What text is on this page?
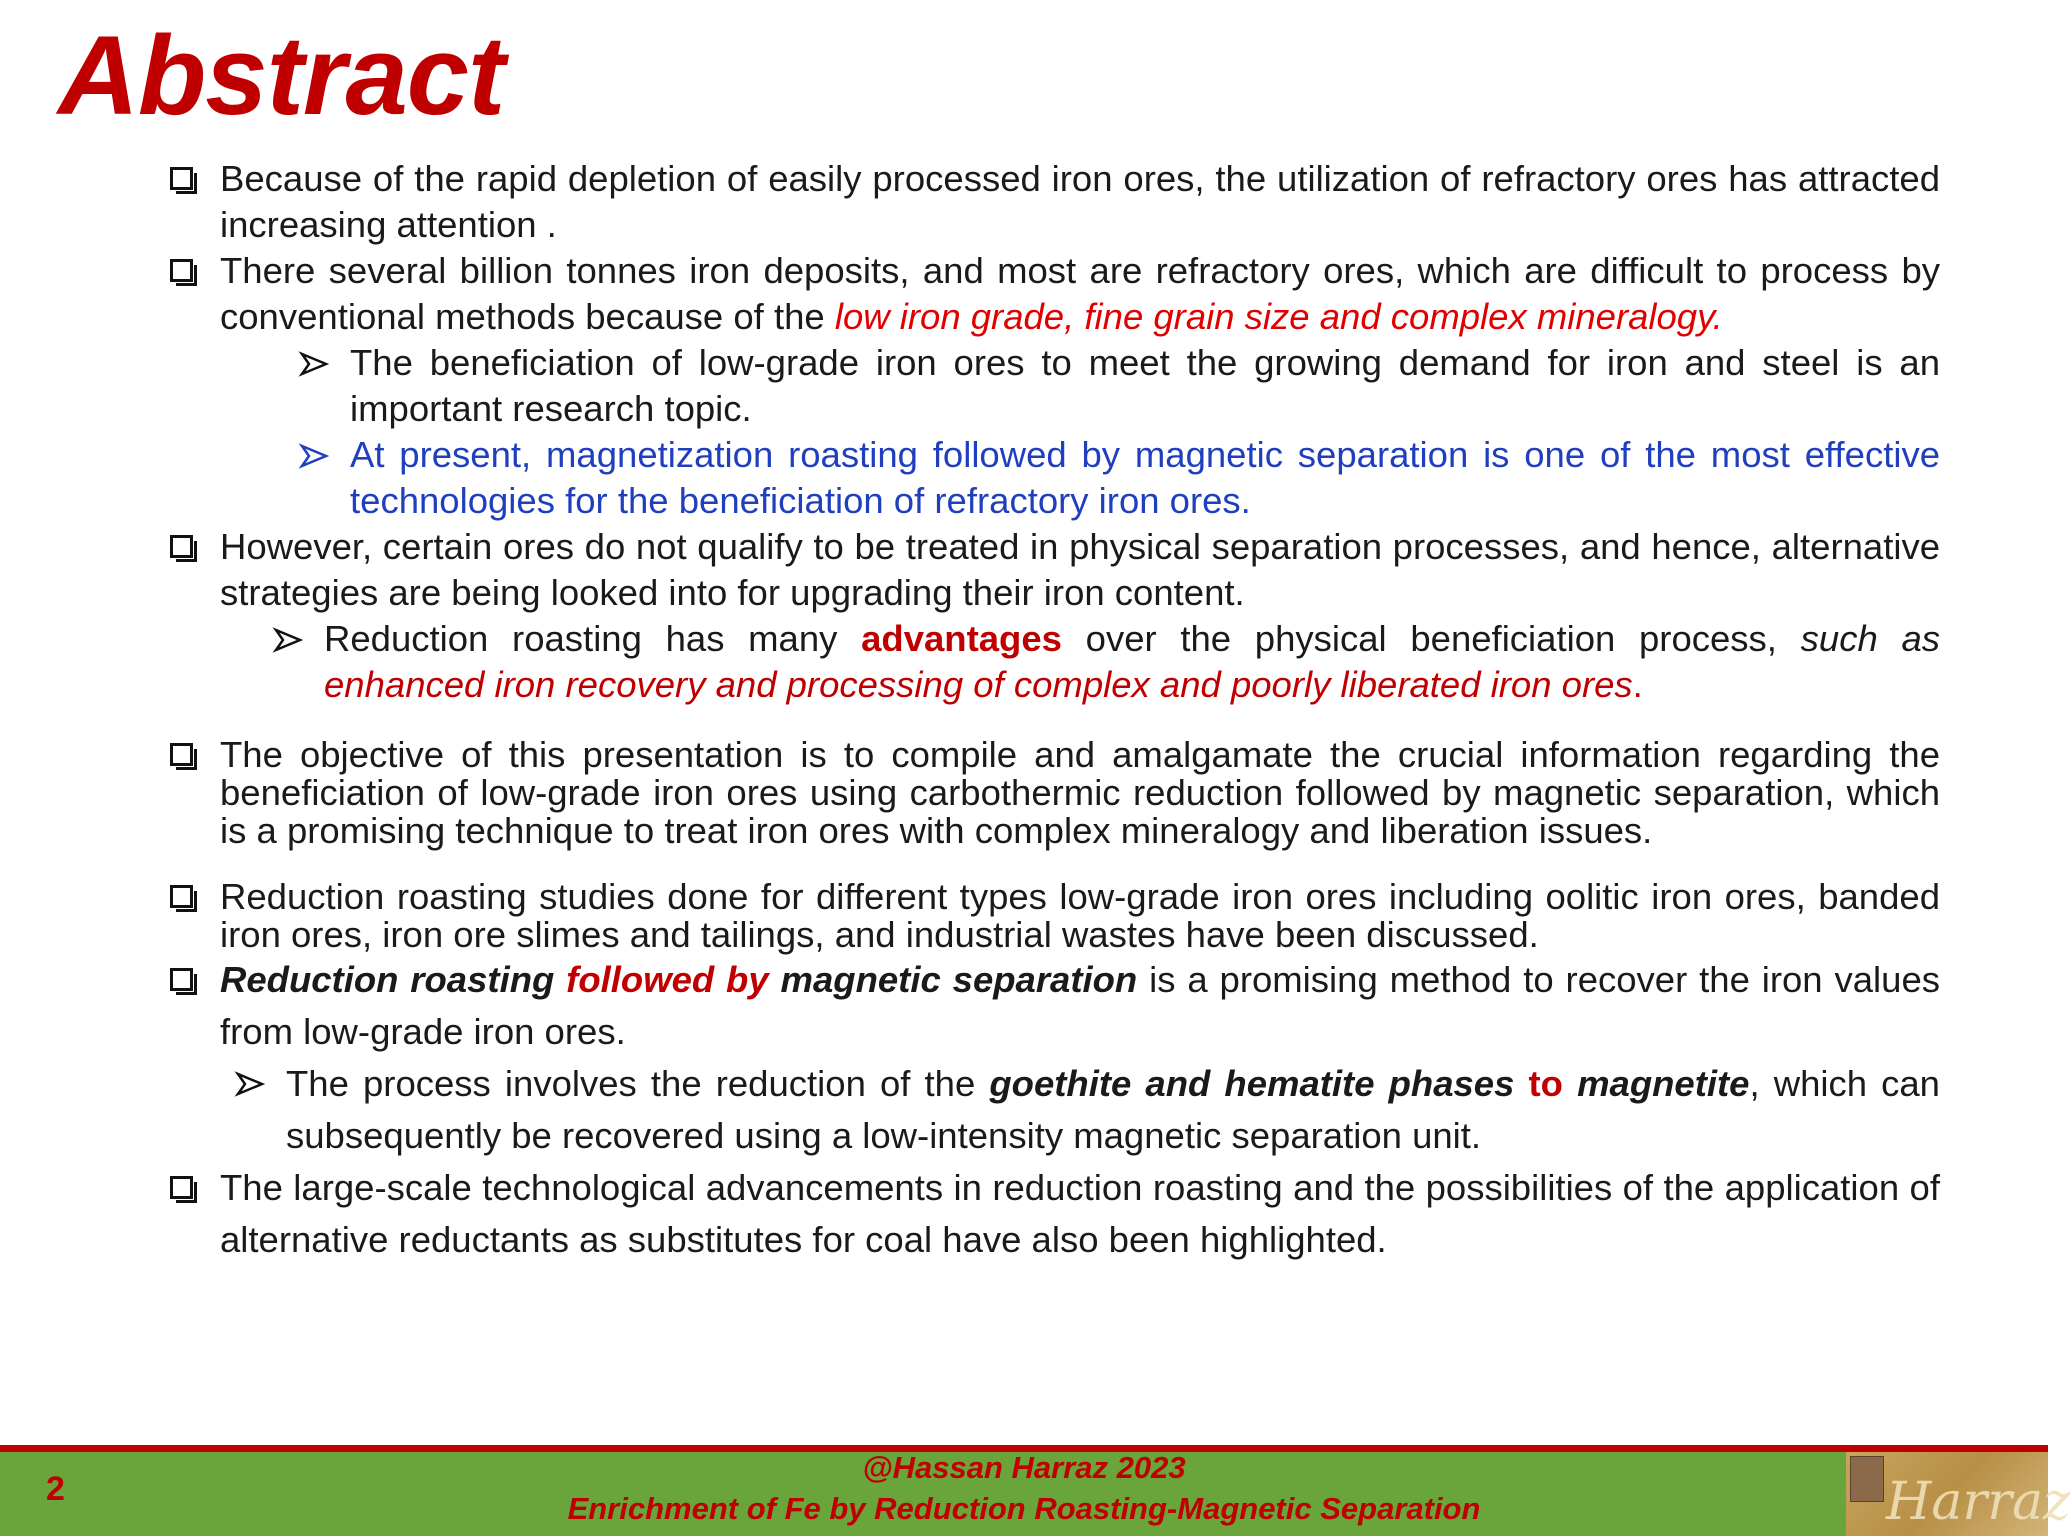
Abstract
Because of the rapid depletion of easily processed iron ores, the utilization of refractory ores has attracted increasing attention .
There several billion tonnes iron deposits, and most are refractory ores, which are difficult to process by conventional methods because of the low iron grade, fine grain size and complex mineralogy.
The beneficiation of low-grade iron ores to meet the growing demand for iron and steel is an important research topic.
At present, magnetization roasting followed by magnetic separation is one of the most effective technologies for the beneficiation of refractory iron ores.
However, certain ores do not qualify to be treated in physical separation processes, and hence, alternative strategies are being looked into for upgrading their iron content.
Reduction roasting has many advantages over the physical beneficiation process, such as enhanced iron recovery and processing of complex and poorly liberated iron ores.
The objective of this presentation is to compile and amalgamate the crucial information regarding the beneficiation of low-grade iron ores using carbothermic reduction followed by magnetic separation, which is a promising technique to treat iron ores with complex mineralogy and liberation issues.
Reduction roasting studies done for different types low-grade iron ores including oolitic iron ores, banded iron ores, iron ore slimes and tailings, and industrial wastes have been discussed.
Reduction roasting followed by magnetic separation is a promising method to recover the iron values from low-grade iron ores.
The process involves the reduction of the goethite and hematite phases to magnetite, which can subsequently be recovered using a low-intensity magnetic separation unit.
The large-scale technological advancements in reduction roasting and the possibilities of the application of alternative reductants as substitutes for coal have also been highlighted.
2
@Hassan Harraz 2023
Enrichment of Fe by Reduction Roasting-Magnetic Separation	Harraz
